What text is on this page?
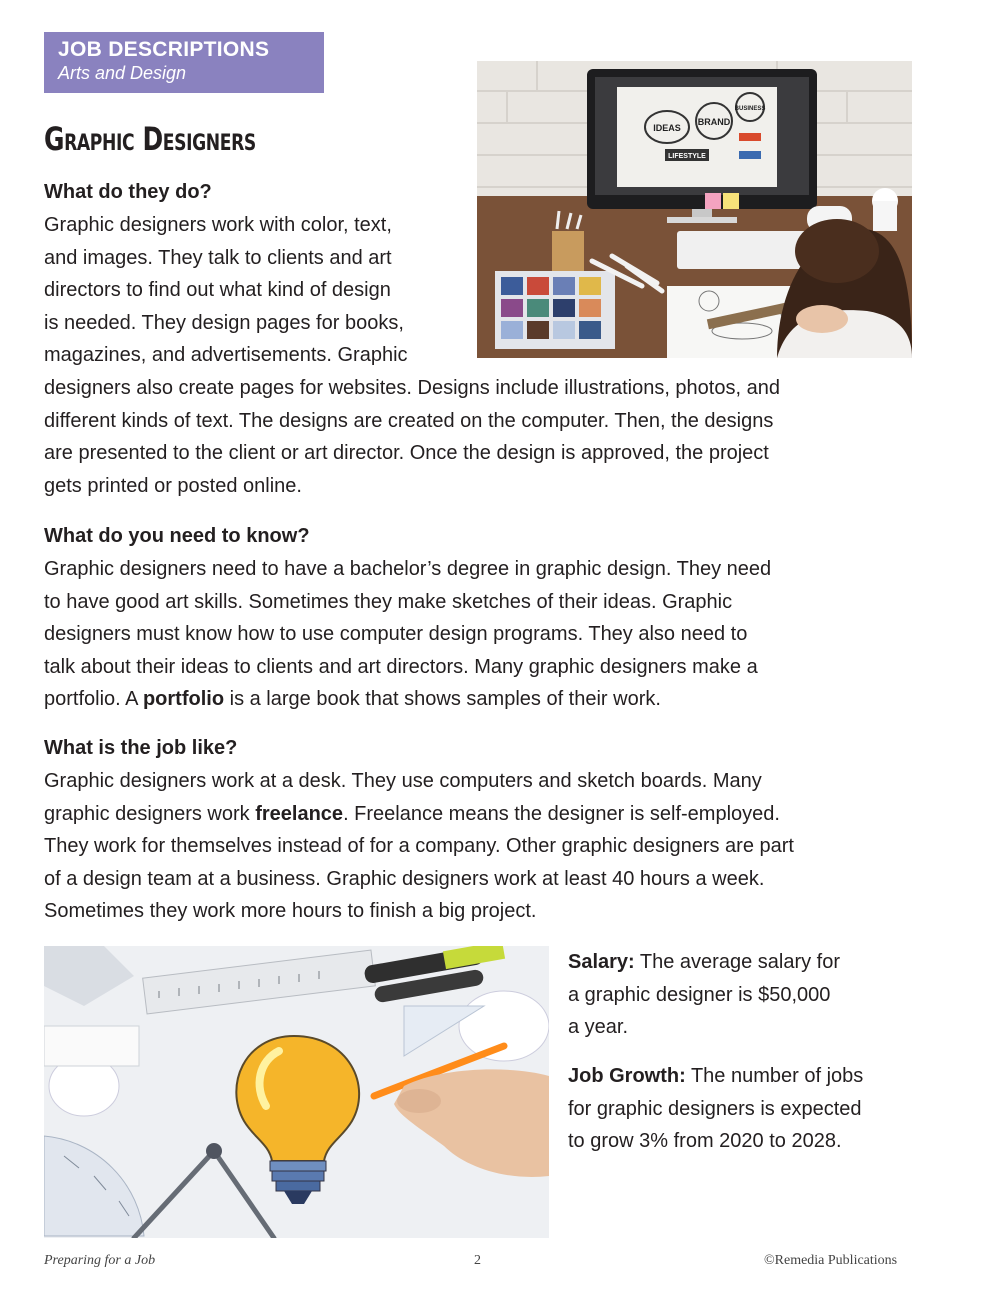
JOB DESCRIPTIONS
Arts and Design
IDEAS
BRAND
BUSINESS
LIFESTYLE
Graphic Designers

What do they do?

Graphic designers work with color, text,
and images. They talk to clients and art
directors to find out what kind of design
is needed. They design pages for books,
magazines, and advertisements. Graphic
designers also create pages for websites. Designs include illustrations, photos, and
different kinds of text. The designs are created on the computer. Then, the designs
are presented to the client or art director. Once the design is approved, the project
gets printed or posted online.

What do you need to know?

Graphic designers need to have a bachelor’s degree in graphic design. They need
to have good art skills. Sometimes they make sketches of their ideas. Graphic
designers must know how to use computer design programs. They also need to
talk about their ideas to clients and art directors. Many graphic designers make a
portfolio. A portfolio is a large book that shows samples of their work.

What is the job like?

Graphic designers work at a desk. They use computers and sketch boards. Many
graphic designers work freelance. Freelance means the designer is self-employed.
They work for themselves instead of for a company. Other graphic designers are part
of a design team at a business. Graphic designers work at least 40 hours a week.
Sometimes they work more hours to finish a big project.
Salary: The average salary for
a graphic designer is $50,000
a year.
Job Growth: The number of jobs
for graphic designers is expected
to grow 3% from 2020 to 2028.
Preparing for a Job	2	©Remedia Publications
